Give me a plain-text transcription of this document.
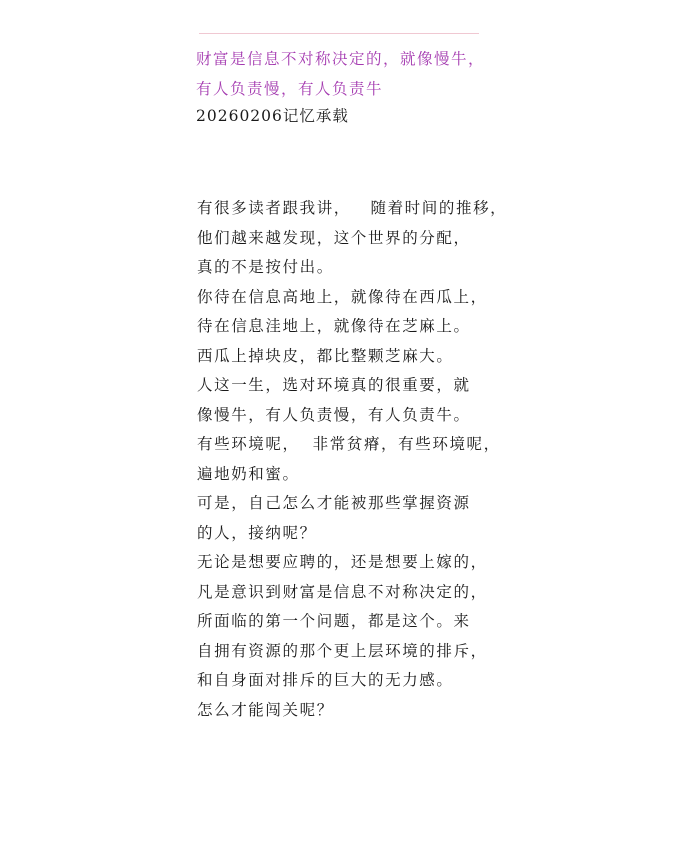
财富是信息不对称决定的，就像慢牛，
有人负责慢，有人负责牛
20260206记忆承载
有很多读者跟我讲，   随着时间的推移，
他们越来越发现，这个世界的分配，
真的不是按付出。
你待在信息高地上，就像待在西瓜上，
待在信息洼地上，就像待在芝麻上。
西瓜上掉块皮，都比整颗芝麻大。
人这一生，选对环境真的很重要，就
像慢牛，有人负责慢，有人负责牛。
有些环境呢，  非常贫瘠，有些环境呢，
遍地奶和蜜。
可是，自己怎么才能被那些掌握资源
的人，接纳呢？
无论是想要应聘的，还是想要上嫁的，
凡是意识到财富是信息不对称决定的，
所面临的第一个问题，都是这个。来
自拥有资源的那个更上层环境的排斥，
和自身面对排斥的巨大的无力感。
怎么才能闯关呢？
